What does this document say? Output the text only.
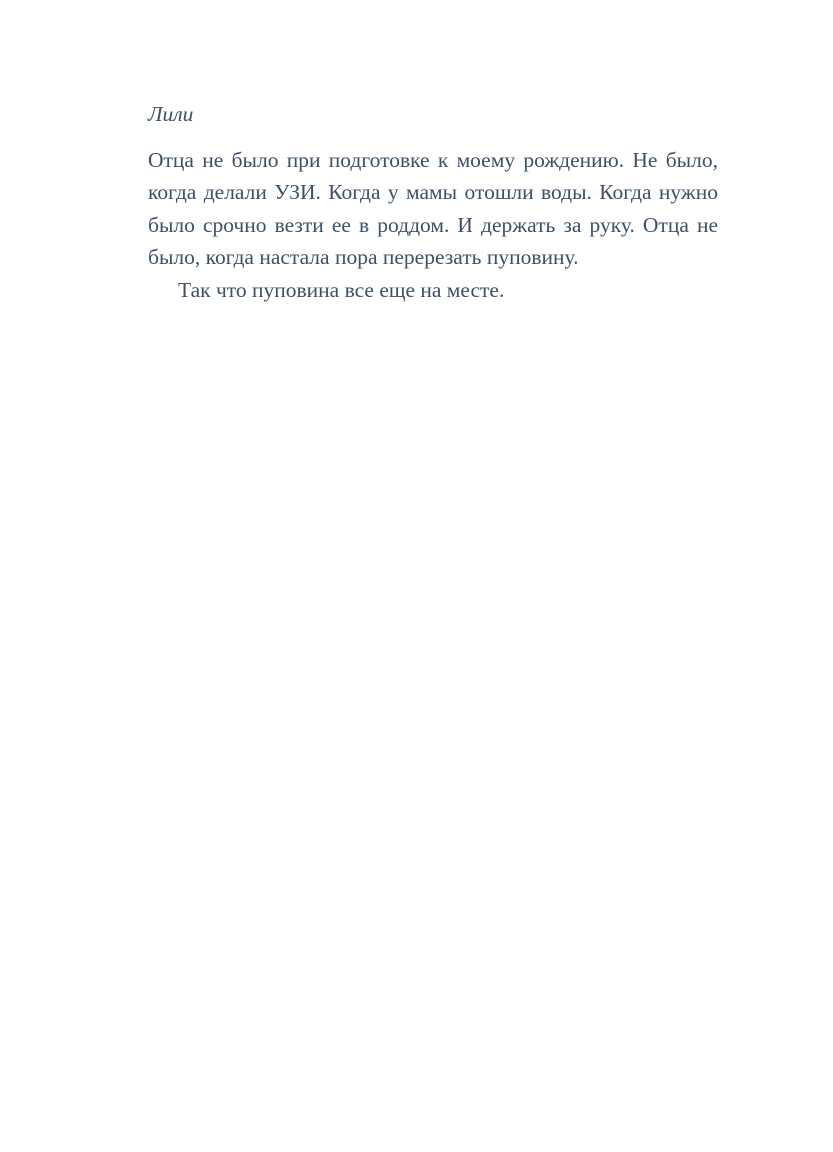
Лили

Отца не было при подготовке к моему рождению. Не было, когда делали УЗИ. Когда у мамы отошли воды. Когда нужно было срочно везти ее в роддом. И держать за руку. Отца не было, когда настала пора перерезать пуповину.

Так что пуповина все еще на месте.
